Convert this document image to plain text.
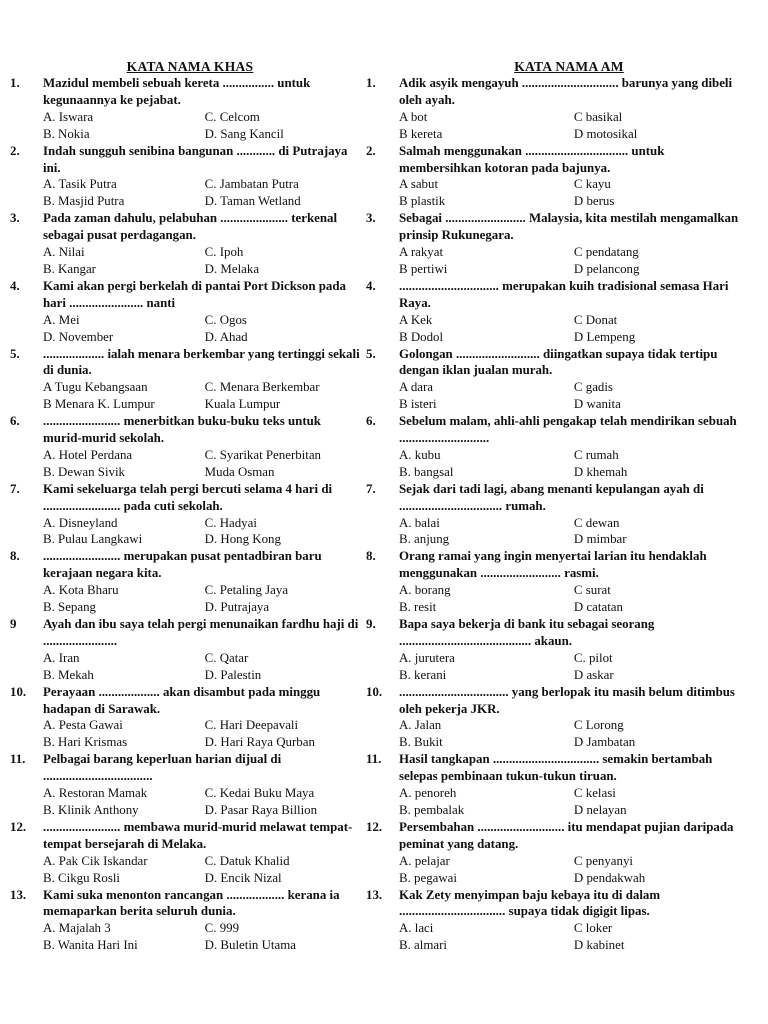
KATA NAMA KHAS
1. Mazidul membeli sebuah kereta ................ untuk kegunaannya ke pejabat.
A. Iswara	C. Celcom
B. Nokia	D. Sang Kancil
2. Indah sungguh senibina bangunan ............ di Putrajaya ini.
A. Tasik Putra	C. Jambatan Putra
B. Masjid Putra	D. Taman Wetland
3. Pada zaman dahulu, pelabuhan ..................... terkenal sebagai pusat perdagangan.
A. Nilai	C. Ipoh
B. Kangar	D. Melaka
4. Kami akan pergi berkelah di pantai Port Dickson pada hari ....................... nanti
A. Mei	C. Ogos
D. November	D. Ahad
5. ................... ialah menara berkembar yang tertinggi sekali di dunia.
A Tugu Kebangsaan	C. Menara Berkembar
B Menara K. Lumpur	Kuala Lumpur
6. ........................ menerbitkan buku-buku teks untuk murid-murid sekolah.
A. Hotel Perdana	C. Syarikat Penerbitan
B. Dewan Sivik	Muda Osman
7. Kami sekeluarga telah pergi bercuti selama 4 hari di ........................ pada cuti sekolah.
A. Disneyland	C. Hadyai
B. Pulau Langkawi	D. Hong Kong
8. ........................ merupakan pusat pentadbiran baru kerajaan negara kita.
A. Kota Bharu	C. Petaling Jaya
B. Sepang	D. Putrajaya
9 Ayah dan ibu saya telah pergi menunaikan fardhu haji di .......................
A. Iran	C. Qatar
B. Mekah	D. Palestin
10. Perayaan ................... akan disambut pada minggu hadapan di Sarawak.
A. Pesta Gawai	C. Hari Deepavali
B. Hari Krismas	D. Hari Raya Qurban
11. Pelbagai barang keperluan harian dijual di ..................................
A. Restoran Mamak	C. Kedai Buku Maya
B. Klinik Anthony	D. Pasar Raya Billion
12. ........................ membawa murid-murid melawat tempat-tempat bersejarah di Melaka.
A. Pak Cik Iskandar	C. Datuk Khalid
B. Cikgu Rosli	D. Encik Nizal
13. Kami suka menonton rancangan .................. kerana ia memaparkan berita seluruh dunia.
A. Majalah 3	C. 999
B. Wanita Hari Ini	D. Buletin Utama
KATA NAMA AM
1. Adik asyik mengayuh .............................. barunya yang dibeli oleh ayah.
A bot	C basikal
B kereta	D motosikal
2. Salmah menggunakan ................................ untuk membersihkan kotoran pada bajunya.
A sabut	C kayu
B plastik	D berus
3. Sebagai ......................... Malaysia, kita mestilah mengamalkan prinsip Rukunegara.
A rakyat	C pendatang
B pertiwi	D pelancong
4. ............................... merupakan kuih tradisional semasa Hari Raya.
A Kek	C Donat
B Dodol	D Lempeng
5. Golongan .......................... diingatkan supaya tidak tertipu dengan iklan jualan murah.
A dara	C gadis
B isteri	D wanita
6. Sebelum malam, ahli-ahli pengakap telah mendirikan sebuah ............................
A. kubu	C rumah
B. bangsal	D khemah
7. Sejak dari tadi lagi, abang menanti kepulangan ayah di ................................ rumah.
A. balai	C dewan
B. anjung	D mimbar
8. Orang ramai yang ingin menyertai larian itu hendaklah menggunakan ......................... rasmi.
A. borang	C surat
B. resit	D catatan
9. Bapa saya bekerja di bank itu sebagai seorang ......................................... akaun.
A. jurutera	C. pilot
B. kerani	D askar
10. .................................. yang berlopak itu masih belum ditimbus oleh pekerja JKR.
A. Jalan	C Lorong
B. Bukit	D Jambatan
11. Hasil tangkapan ................................. semakin bertambah selepas pembinaan tukun-tukun tiruan.
A. penoreh	C kelasi
B. pembalak	D nelayan
12. Persembahan ........................... itu mendapat pujian daripada peminat yang datang.
A. pelajar	C penyanyi
B. pegawai	D pendakwah
13. Kak Zety menyimpan baju kebaya itu di dalam ................................. supaya tidak digigit lipas.
A. laci	C loker
B. almari	D kabinet
